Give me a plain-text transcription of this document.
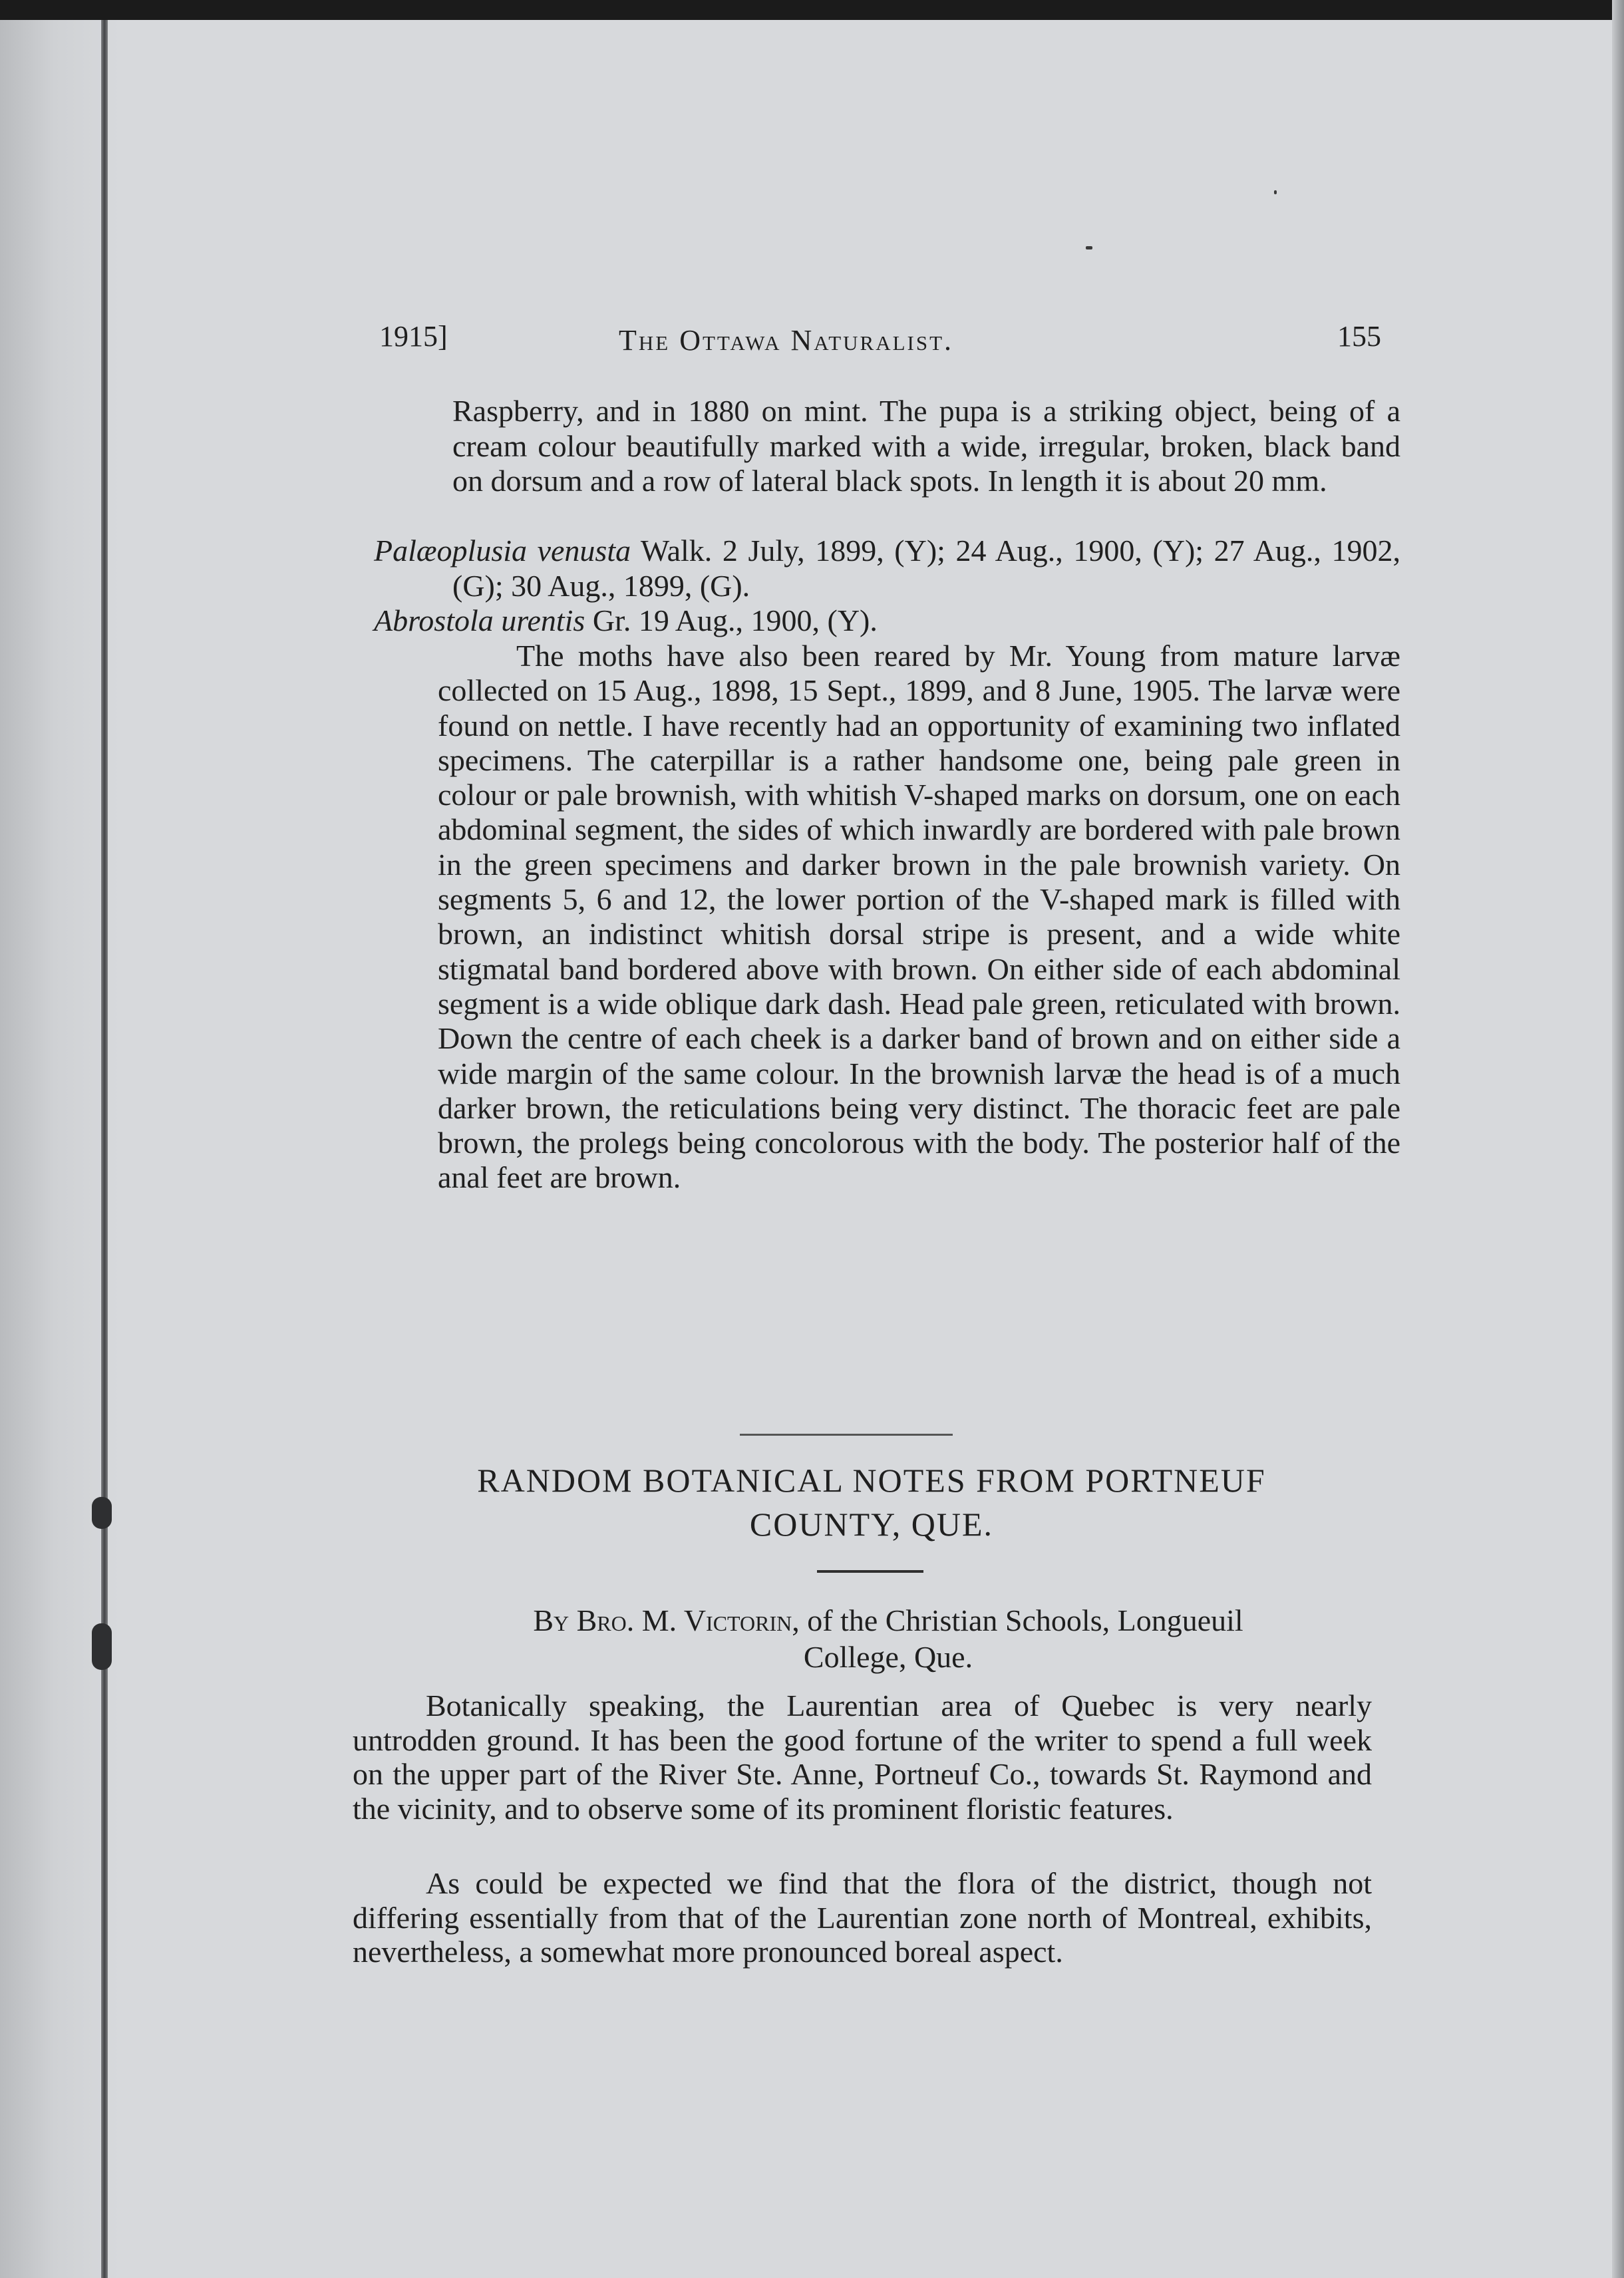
1915]	The Ottawa Naturalist.	155

Raspberry, and in 1880 on mint. The pupa is a striking object, being of a cream colour beautifully marked with a wide, irregular, broken, black band on dorsum and a row of lateral black spots. In length it is about 20 mm.

Palæoplusia venusta Walk. 2 July, 1899, (Y); 24 Aug., 1900, (Y); 27 Aug., 1902, (G); 30 Aug., 1899, (G).

Abrostola urentis Gr. 19 Aug., 1900, (Y).

The moths have also been reared by Mr. Young from mature larvæ collected on 15 Aug., 1898, 15 Sept., 1899, and 8 June, 1905. The larvæ were found on nettle. I have recently had an opportunity of examining two inflated specimens. The caterpillar is a rather handsome one, being pale green in colour or pale brownish, with whitish V-shaped marks on dorsum, one on each abdominal segment, the sides of which inwardly are bordered with pale brown in the green specimens and darker brown in the pale brownish variety. On segments 5, 6 and 12, the lower portion of the V-shaped mark is filled with brown, an indistinct whitish dorsal stripe is present, and a wide white stigmatal band bordered above with brown. On either side of each abdominal segment is a wide oblique dark dash. Head pale green, reticulated with brown. Down the centre of each cheek is a darker band of brown and on either side a wide margin of the same colour. In the brownish larvæ the head is of a much darker brown, the reticulations being very distinct. The thoracic feet are pale brown, the prolegs being concolorous with the body. The posterior half of the anal feet are brown.

RANDOM BOTANICAL NOTES FROM PORTNEUF
COUNTY, QUE.
By Bro. M. Victorin, of the Christian Schools, Longueuil
College, Que.

Botanically speaking, the Laurentian area of Quebec is very nearly untrodden ground. It has been the good fortune of the writer to spend a full week on the upper part of the River Ste. Anne, Portneuf Co., towards St. Raymond and the vicinity, and to observe some of its prominent floristic features.

As could be expected we find that the flora of the district, though not differing essentially from that of the Laurentian zone north of Montreal, exhibits, nevertheless, a somewhat more pronounced boreal aspect.
